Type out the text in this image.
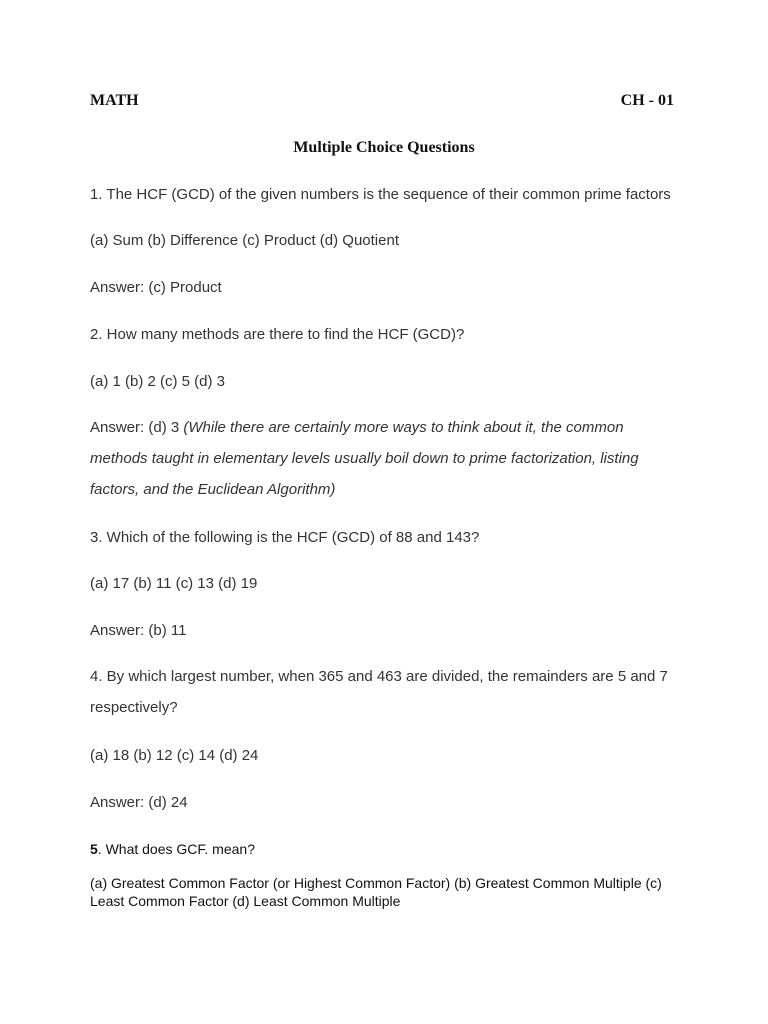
MATH	CH - 01

Multiple Choice Questions

1. The HCF (GCD) of the given numbers is the sequence of their common prime factors

(a) Sum (b) Difference (c) Product (d) Quotient

Answer: (c) Product

2. How many methods are there to find the HCF (GCD)?

(a) 1 (b) 2 (c) 5 (d) 3

Answer: (d) 3 (While there are certainly more ways to think about it, the common methods taught in elementary levels usually boil down to prime factorization, listing factors, and the Euclidean Algorithm)

3. Which of the following is the HCF (GCD) of 88 and 143?

(a) 17 (b) 11 (c) 13 (d) 19

Answer: (b) 11

4. By which largest number, when 365 and 463 are divided, the remainders are 5 and 7 respectively?

(a) 18 (b) 12 (c) 14 (d) 24

Answer: (d) 24

5. What does GCF. mean?

(a) Greatest Common Factor (or Highest Common Factor) (b) Greatest Common Multiple (c) Least Common Factor (d) Least Common Multiple
